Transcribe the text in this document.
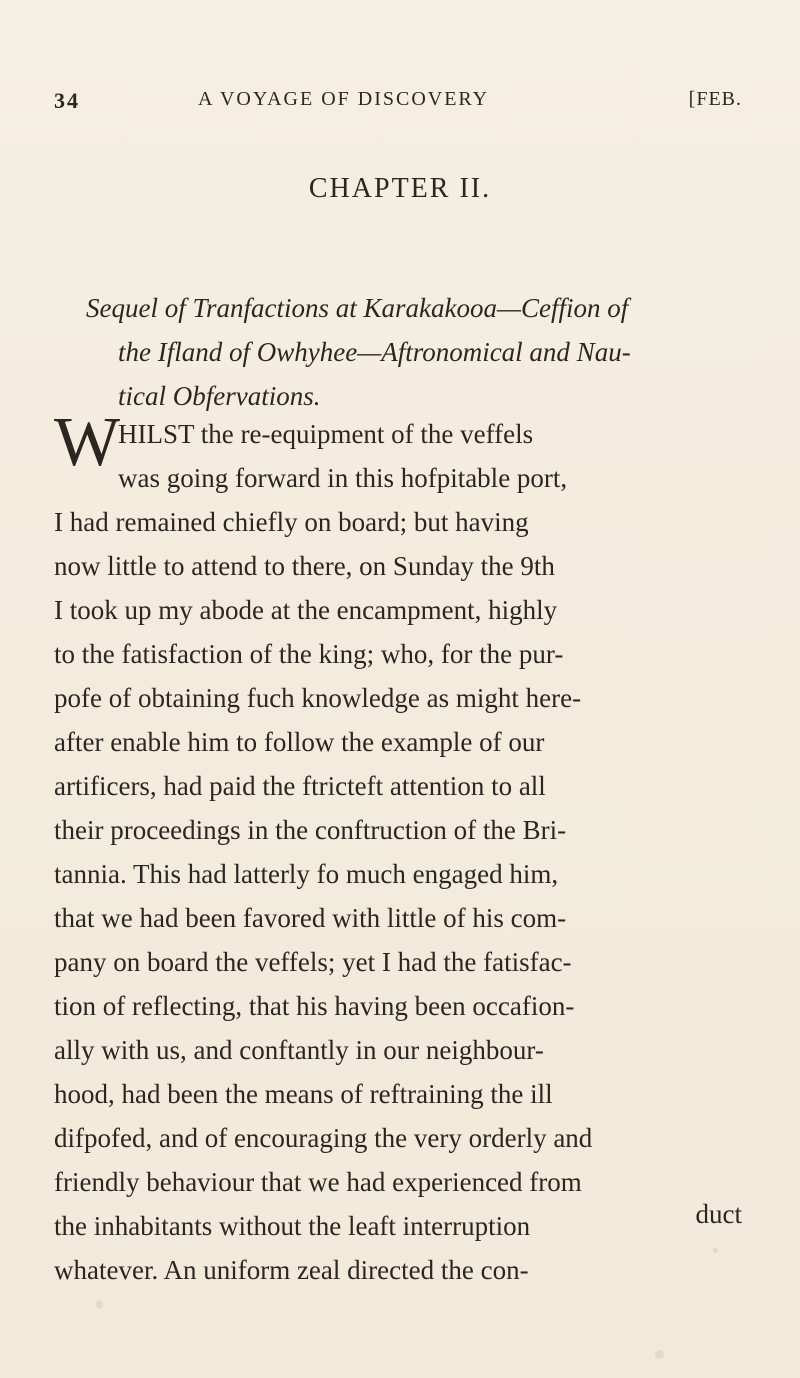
34	A VOYAGE OF DISCOVERY	[FEB.
CHAPTER II.
Sequel of Tranfactions at Karakakooa—Ceffion of
the Ifland of Owhyhee—Aftronomical and Nau-
tical Obfervations.
W
HILST the re-equipment of the veffels
was going forward in this hofpitable port,
I had remained chiefly on board; but having
now little to attend to there, on Sunday the 9th
I took up my abode at the encampment, highly
to the fatisfaction of the king; who, for the pur-
pofe of obtaining fuch knowledge as might here-
after enable him to follow the example of our
artificers, had paid the ftricteft attention to all
their proceedings in the conftruction of the Bri-
tannia. This had latterly fo much engaged him,
that we had been favored with little of his com-
pany on board the veffels; yet I had the fatisfac-
tion of reflecting, that his having been occafion-
ally with us, and conftantly in our neighbour-
hood, had been the means of reftraining the ill
difpofed, and of encouraging the very orderly and
friendly behaviour that we had experienced from
the inhabitants without the leaft interruption
whatever. An uniform zeal directed the con-
duct
